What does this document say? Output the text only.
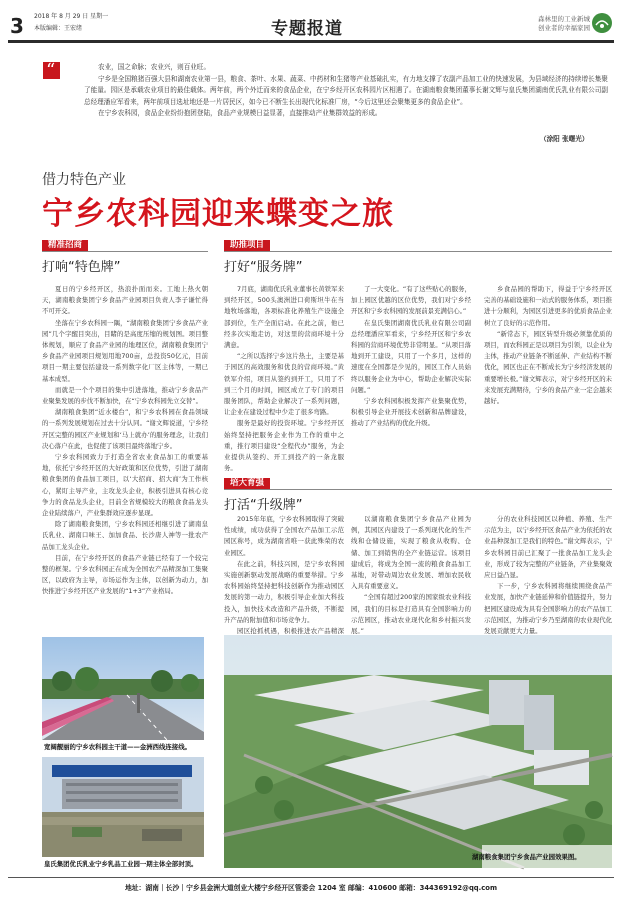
3 2018 年 8 月 29 日 星期一
本版编辑：王宏绪	专题报道	森林里的工业新城
创业者的幸福家园
“

农业，国之命脉；农业兴，则百业旺。

宁乡是全国粮猪百强大县和湖南农业第一县，粮食、茶叶、水果、蔬菜、中药材和生猪等产业基础扎实，有力地支撑了农副产品加工业的快速发展，为县域经济的持续增长集聚了能量。园区是承载农业项目的最佳载体。两年前，两个外迁而来的食品企业，在宁乡经开区农科园片区相遇了。在湖南粮食集团董事长谢文辉与皇氏集团湖南优氏乳业有限公司副总经理潘应军看来，两年前项目选址地还是一片居民区，如今已不断生长出现代化标准厂房，“今后这里还会聚集更多的食品企业”。

在宁乡农科园，食品企业纷纷抱团登陆，食品产业规模日益显著，直接推动产业集群效益的形成。

（涂阳 张曙光）
借力特色产业
宁乡农科园迎来蝶变之旅
精准招商
打响“特色牌”

夏日的宁乡经开区，热浪扑面而来。工地上热火朝天，湖南粮食集团宁乡食品产业园项目负责人李子谦忙得不可开交。

坐落在宁乡农科园一隅，“湖南粮食集团宁乡食品产业园”几个字醒目突出，目睹的是高度压缩的规划图。项目整体规划，顺应了食品产业园的地理区位，湖南粮食集团宁乡食品产业园项目规划用地700亩，总投资50亿元，目前项目一期主要包括建设一系列数字化厂区主体等，一期已基本成型。

而就是一个个项目的集中引进落地，推动宁乡食品产业聚集发展的步伐不断加快，在“宁乡农科园先立交替”。

湖南粮食集团“近水楼台”，和宁乡农科园在食品领域的一系列发展规划在过去十分认同。“谢文辉说道，宁乡经开区完整的园区产业规划和‘马上就办’的服务理念，让我们决心落户在此，也促使了该项目最终落地宁乡。

宁乡农科园致力于打造全省农业食品加工的重要基地，依托宁乡经开区的大好政策和区位优势，引进了湖南粮食集团的食品加工项目，以‘大招商、招大商’为工作核心，紧盯主导产业，主攻龙头企业，积极引进具有核心竞争力的食品龙头企业，目前全省规模较大的粮食食品龙头企业陆续落户，产业集群效应逐步显现。

除了湖南粮食集团，宁乡农科园还相继引进了湖南皇氏乳业、湖南口味王、加加食品、长沙唐人神等一批农产品加工龙头企业。

目前，在宁乡经开区的食品产业链已经有了一个较完整的框架。宁乡农科园正在成为全国农产品精深加工集聚区，以政府为主导，市场运作为主体，以创新为动力，加快推进宁乡经开区产业发展的“1+3”产业格局。

助推项目
打好“服务牌”

7月底，湖南优氏乳业董事长黄铁军来到经开区，500头澳洲进口荷斯坦牛在当地牧场落地，各项标准化养殖生产设施全部到位，生产全面启动。在此之前，他已经多次实地走访，对这里的营商环境十分满意。

“之所以选择宁乡这片热土，主要是基于园区的高效服务和优良的营商环境。”黄铁军介绍，项目从签约到开工，只用了不到三个月的时间，园区成立了专门的项目服务团队，帮助企业解决了一系列问题，让企业在建设过程中少走了很多弯路。

服务是最好的投资环境。宁乡经开区始终坚持把服务企业作为工作的重中之重，推行项目建设“全程代办”服务，为企业提供从签约、开工到投产的一条龙服务。

了一大变化。“有了这些贴心的服务，加上园区优越的区位优势，我们对宁乡经开区和宁乡农科园的发展前景充满信心。”

在皇氏集团湖南优氏乳业有限公司副总经理潘应军看来，宁乡经开区和宁乡农科园的营商环境优势非常明显。“从项目落地到开工建设，只用了一个多月，这样的速度在全国都是少见的，园区工作人员始终以服务企业为中心，帮助企业解决实际问题。”

宁乡农科园积极发挥产业集聚优势，积极引导企业开展技术创新和品牌建设，推动了产业结构的优化升级。

乡食品园的帮助下，得益于宁乡经开区完善的基础设施和一站式的服务体系，项目推进十分顺利，为园区引进更多的优质食品企业树立了良好的示范作用。

“新常态下，园区转型升级必须靠优质的项目，而农科园正是以项目为引领，以企业为主体，推动产业链条不断延伸、产业结构不断优化，园区也正在不断成长为宁乡经济发展的重要增长极。”谢文辉表示，对宁乡经开区的未来发展充满期待，宁乡的食品产业一定会越来越好。

培大育强
打活“升级牌”

2015年年底，宁乡农科园取得了突破性成绩，成功获得了全国农产品加工示范园区称号，成为湖南省唯一获此殊荣的农业园区。

在此之前，科技兴园，是宁乡农科园实施创新驱动发展战略的重要举措。宁乡农科园始终坚持把科技创新作为推动园区发展的第一动力，积极引导企业加大科技投入，加快技术改造和产品升级，不断提升产品的附加值和市场竞争力。

园区抢抓机遇，积极推进农产品精深

以湖南粮食集团宁乡食品产业园为例，其园区内建设了一系列现代化的生产线和仓储设施，实现了粮食从收购、仓储、加工到销售的全产业链运营。该项目建成后，将成为全国一流的粮食食品加工基地，对带动周边农业发展、增加农民收入具有重要意义。

“全国有超过200家的国家级农业科技园，我们的目标是打造具有全国影响力的示范园区，推动农业现代化和乡村振兴发展。”

分的农业科技园区以种植、养殖、生产示范为主，以宁乡经开区食品产业为依托的农业品种深加工是我们的特色。”谢文辉表示，宁乡农科园目前已汇聚了一批食品加工龙头企业，形成了较为完整的产业链条，产业集聚效应日益凸显。

下一步，宁乡农科园将继续围绕食品产业发展，加快产业链延伸和价值链提升，努力把园区建设成为具有全国影响力的农产品加工示范园区，为推动宁乡乃至湖南的农业现代化发展贡献更大力量。

宽阔靓丽的宁乡农科园主干道——金洲西线连接线。
皇氏集团优氏乳业宁乡乳品工业园一期主体全部封顶。
湖南粮食集团宁乡食品产业园效果图。
地址：湖南｜长沙｜宁乡县金洲大道创业大楼宁乡经开区管委会 1204 室 邮编：410600 邮箱：344369192@qq.com
